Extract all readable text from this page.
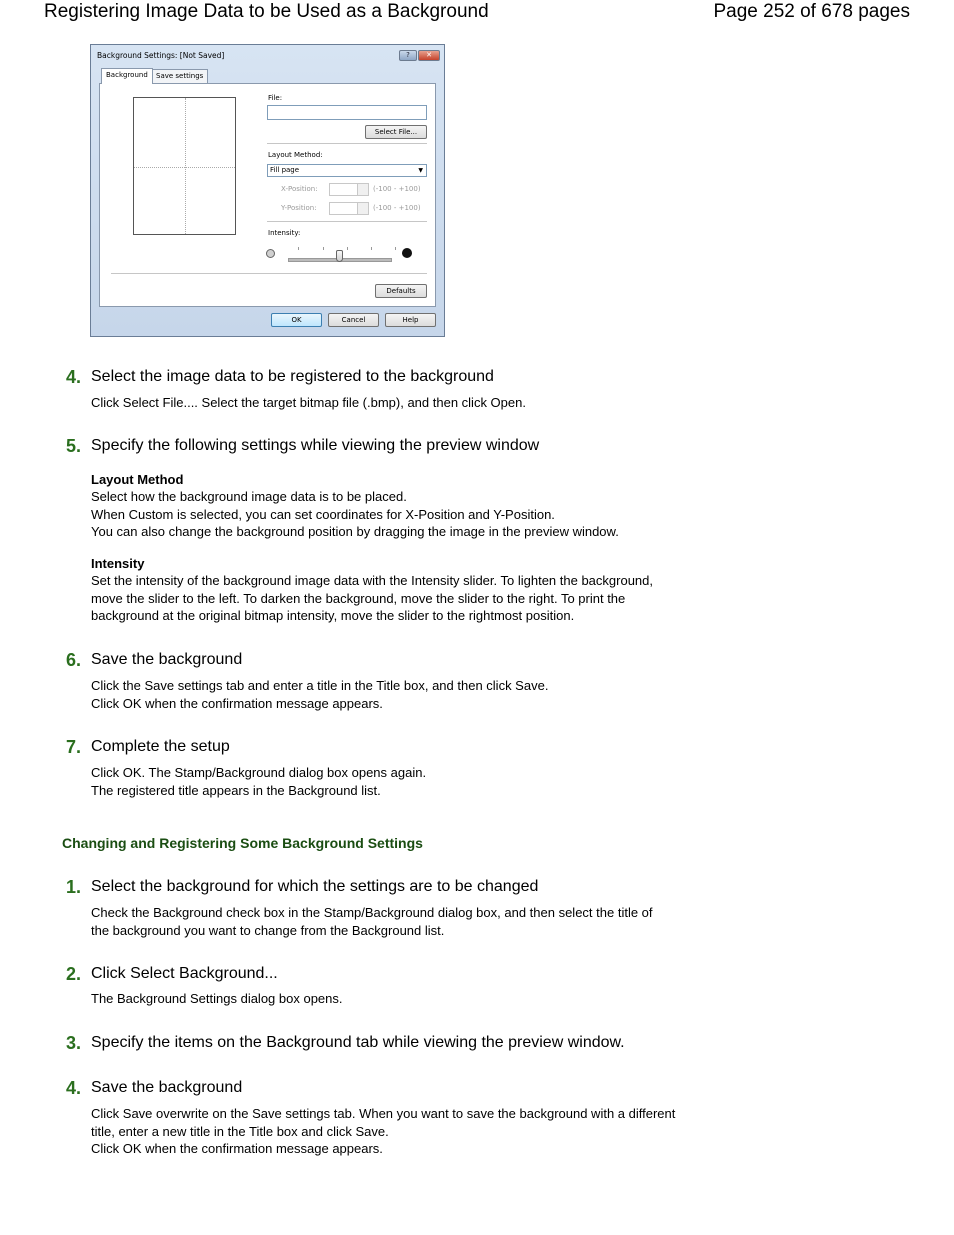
Registering Image Data to be Used as a Background	Page 252 of 678 pages
Background Settings: [Not Saved]	?	✕
Background	Save settings
File:
Select File...
Layout Method:
Fill page	▼
X-Position:	(-100 - +100)
Y-Position:	(-100 - +100)
Intensity:
Defaults
OK	Cancel	Help
4. Select the image data to be registered to the background
Click Select File.... Select the target bitmap file (.bmp), and then click Open.
5. Specify the following settings while viewing the preview window
Layout Method
Select how the background image data is to be placed.
When Custom is selected, you can set coordinates for X-Position and Y-Position.
You can also change the background position by dragging the image in the preview window.
Intensity
Set the intensity of the background image data with the Intensity slider. To lighten the background,
move the slider to the left. To darken the background, move the slider to the right. To print the
background at the original bitmap intensity, move the slider to the rightmost position.
6. Save the background
Click the Save settings tab and enter a title in the Title box, and then click Save.
Click OK when the confirmation message appears.
7. Complete the setup
Click OK. The Stamp/Background dialog box opens again.
The registered title appears in the Background list.
Changing and Registering Some Background Settings
1. Select the background for which the settings are to be changed
Check the Background check box in the Stamp/Background dialog box, and then select the title of
the background you want to change from the Background list.
2. Click Select Background...
The Background Settings dialog box opens.
3. Specify the items on the Background tab while viewing the preview window.
4. Save the background
Click Save overwrite on the Save settings tab. When you want to save the background with a different
title, enter a new title in the Title box and click Save.
Click OK when the confirmation message appears.
